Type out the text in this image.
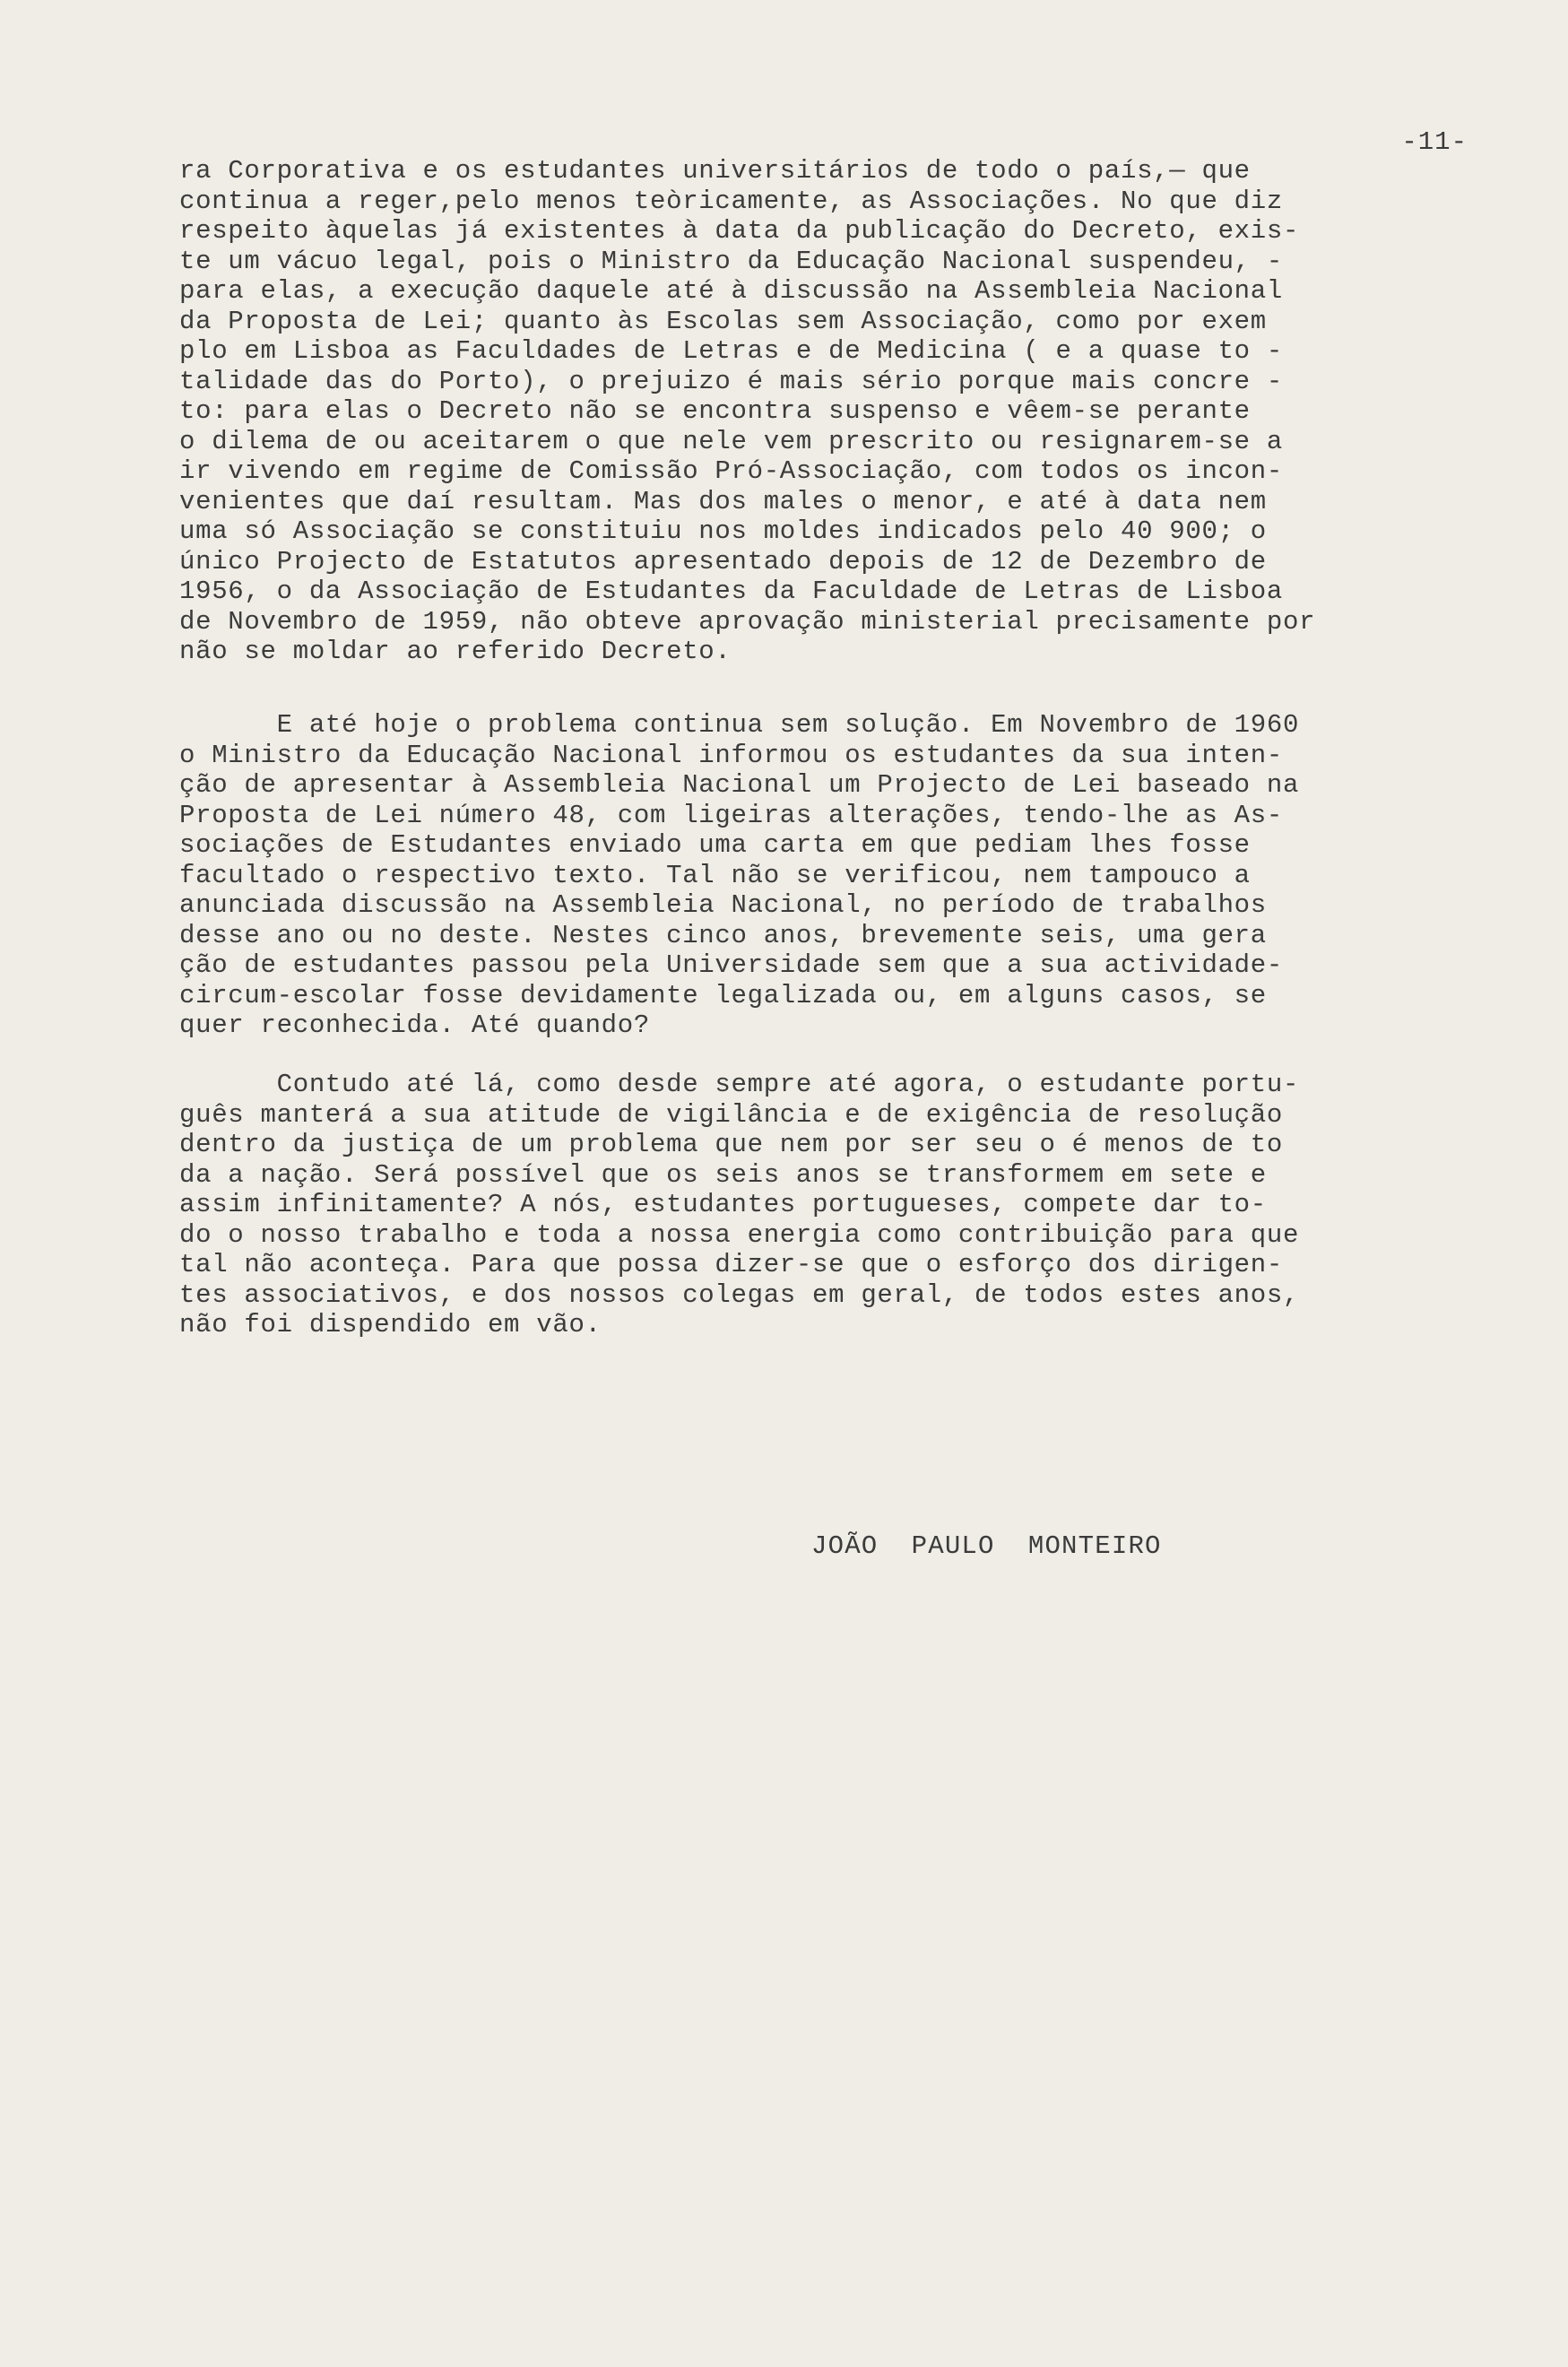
-11-
ra Corporativa e os estudantes universitários de todo o país,— que
continua a reger,pelo menos teòricamente, as Associações. No que diz
respeito àquelas já existentes à data da publicação do Decreto, exis-
te um vácuo legal, pois o Ministro da Educação Nacional suspendeu, -
para elas, a execução daquele até à discussão na Assembleia Nacional
da Proposta de Lei; quanto às Escolas sem Associação, como por exem
plo em Lisboa as Faculdades de Letras e de Medicina ( e a quase to -
talidade das do Porto), o prejuizo é mais sério porque mais concre -
to: para elas o Decreto não se encontra suspenso e vêem-se perante
o dilema de ou aceitarem o que nele vem prescrito ou resignarem-se a
ir vivendo em regime de Comissão Pró-Associação, com todos os incon-
venientes que daí resultam. Mas dos males o menor, e até à data nem
uma só Associação se constituiu nos moldes indicados pelo 40 900; o
único Projecto de Estatutos apresentado depois de 12 de Dezembro de
1956, o da Associação de Estudantes da Faculdade de Letras de Lisboa
de Novembro de 1959, não obteve aprovação ministerial precisamente por
não se moldar ao referido Decreto.
E até hoje o problema continua sem solução. Em Novembro de 1960
o Ministro da Educação Nacional informou os estudantes da sua inten-
ção de apresentar à Assembleia Nacional um Projecto de Lei baseado na
Proposta de Lei número 48, com ligeiras alterações, tendo-lhe as As-
sociações de Estudantes enviado uma carta em que pediam lhes fosse
facultado o respectivo texto. Tal não se verificou, nem tampouco a
anunciada discussão na Assembleia Nacional, no período de trabalhos
desse ano ou no deste. Nestes cinco anos, brevemente seis, uma gera
ção de estudantes passou pela Universidade sem que a sua actividade-
circum-escolar fosse devidamente legalizada ou, em alguns casos, se
quer reconhecida. Até quando?
Contudo até lá, como desde sempre até agora, o estudante portu-
guês manterá a sua atitude de vigilância e de exigência de resolução
dentro da justiça de um problema que nem por ser seu o é menos de to
da a nação. Será possível que os seis anos se transformem em sete e
assim infinitamente? A nós, estudantes portugueses, compete dar to-
do o nosso trabalho e toda a nossa energia como contribuição para que
tal não aconteça. Para que possa dizer-se que o esforço dos dirigen-
tes associativos, e dos nossos colegas em geral, de todos estes anos,
não foi dispendido em vão.
JOÃO  PAULO  MONTEIRO
